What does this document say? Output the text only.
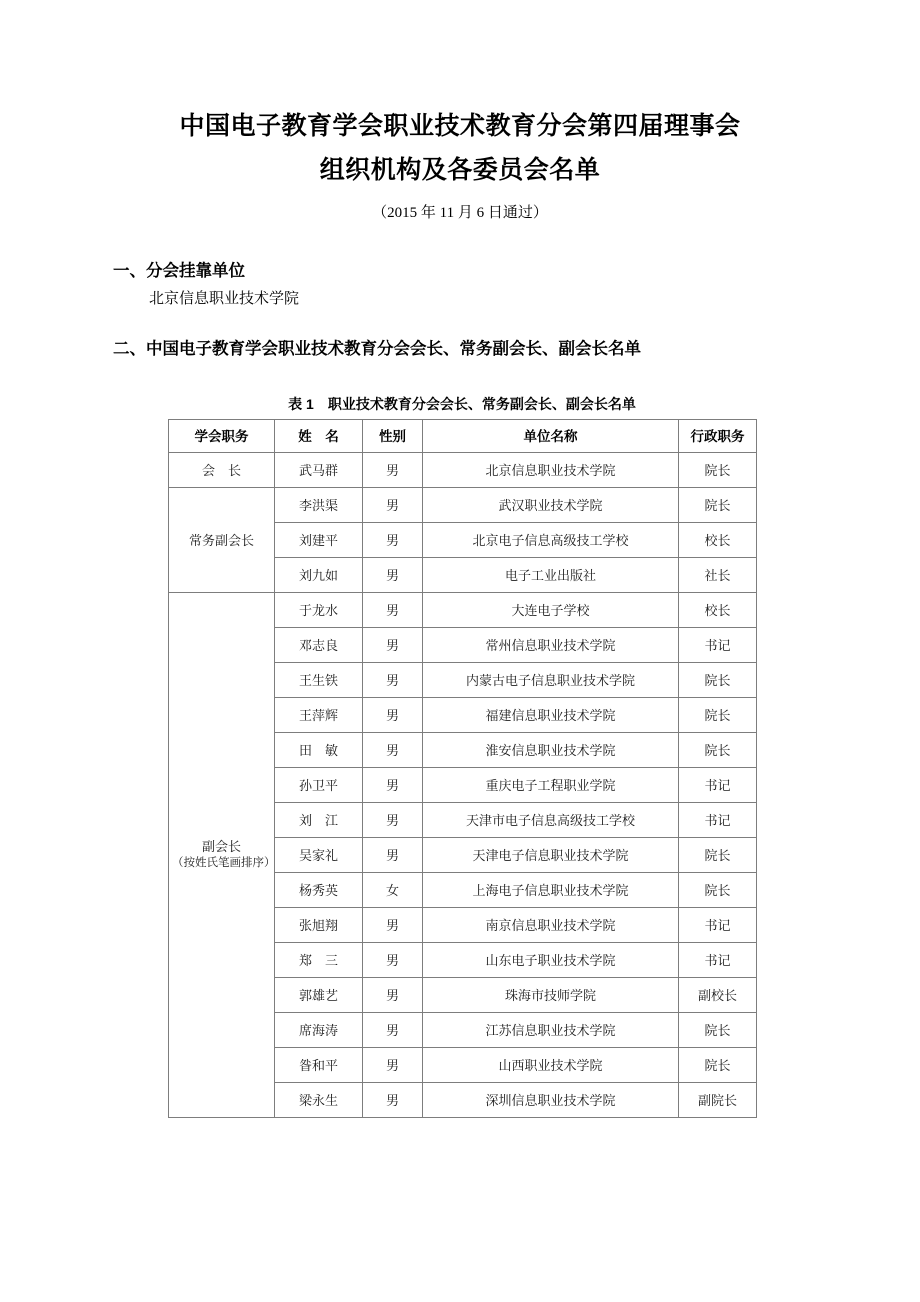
中国电子教育学会职业技术教育分会第四届理事会
组织机构及各委员会名单
（2015 年 11 月 6 日通过）
一、分会挂靠单位
北京信息职业技术学院
二、中国电子教育学会职业技术教育分会会长、常务副会长、副会长名单
表 1 职业技术教育分会会长、常务副会长、副会长名单
学会职务	姓　名	性别	单位名称	行政职务

会　长	武马群	男	北京信息职业技术学院	院长

常务副会长	李洪渠	男	武汉职业技术学院	院长
	刘建平	男	北京电子信息高级技工学校	校长
	刘九如	男	电子工业出版社	社长

副会长
（按姓氏笔画排序）	于龙水	男	大连电子学校	校长
	邓志良	男	常州信息职业技术学院	书记
	王生铁	男	内蒙古电子信息职业技术学院	院长
	王萍辉	男	福建信息职业技术学院	院长
	田　敏	男	淮安信息职业技术学院	院长
	孙卫平	男	重庆电子工程职业学院	书记
	刘　江	男	天津市电子信息高级技工学校	书记
	吴家礼	男	天津电子信息职业技术学院	院长
	杨秀英	女	上海电子信息职业技术学院	院长
	张旭翔	男	南京信息职业技术学院	书记
	郑　三	男	山东电子职业技术学院	书记
	郭雄艺	男	珠海市技师学院	副校长
	席海涛	男	江苏信息职业技术学院	院长
	昝和平	男	山西职业技术学院	院长
	梁永生	男	深圳信息职业技术学院	副院长
